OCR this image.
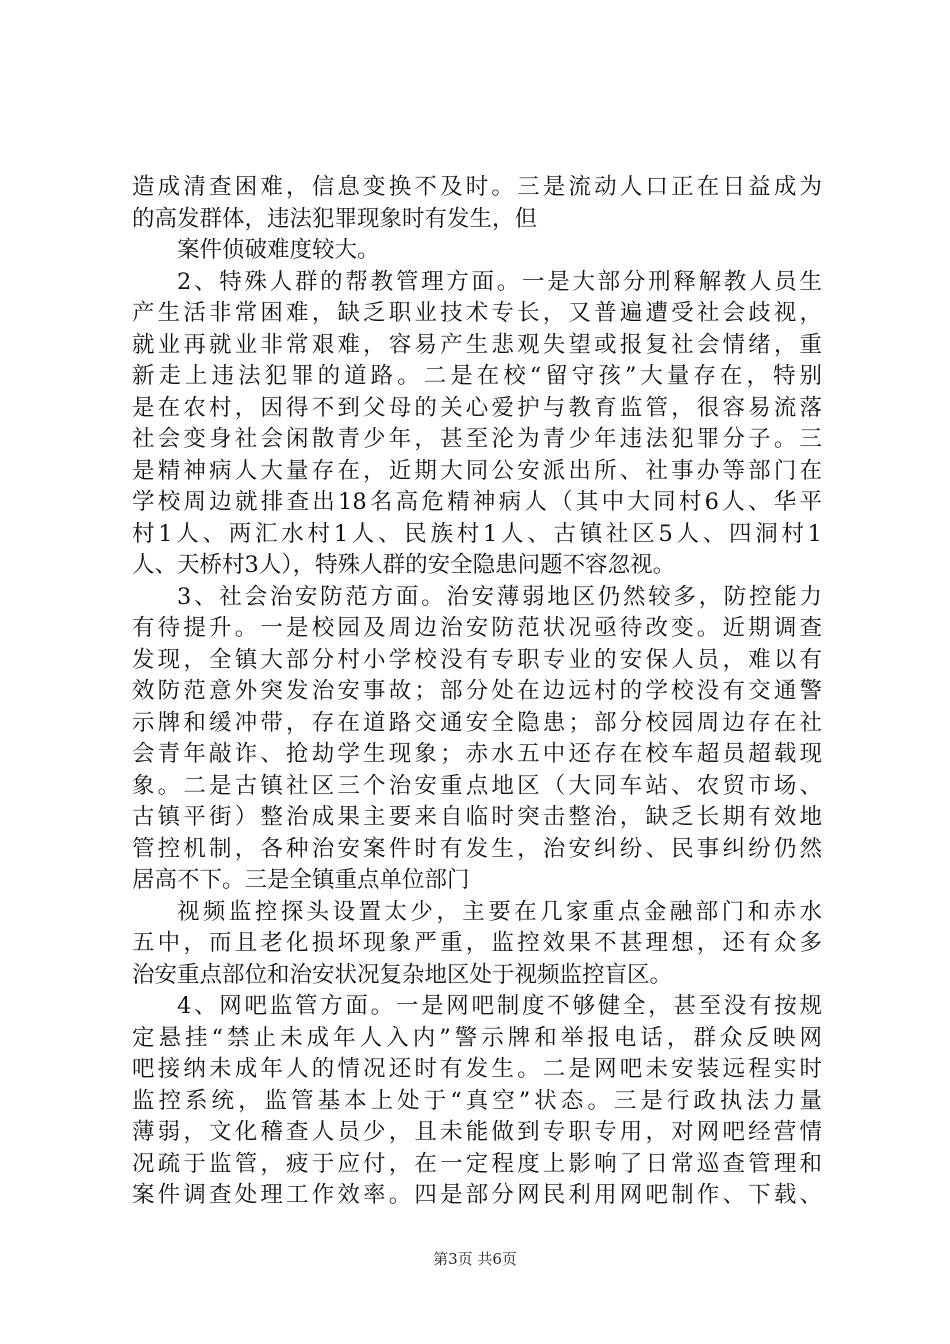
造成清查困难，信息变换不及时。三是流动人口正在日益成为
的高发群体，违法犯罪现象时有发生，但
案件侦破难度较大。
2、特殊人群的帮教管理方面。一是大部分刑释解教人员生
产生活非常困难，缺乏职业技术专长，又普遍遭受社会歧视，
就业再就业非常艰难，容易产生悲观失望或报复社会情绪，重
新走上违法犯罪的道路。二是在校“留守孩”大量存在，特别
是在农村，因得不到父母的关心爱护与教育监管，很容易流落
社会变身社会闲散青少年，甚至沦为青少年违法犯罪分子。三
是精神病人大量存在，近期大同公安派出所、社事办等部门在
学校周边就排查出18名高危精神病人（其中大同村6人、华平
村1人、两汇水村1人、民族村1人、古镇社区5人、四洞村1
人、天桥村3人），特殊人群的安全隐患问题不容忽视。
3、社会治安防范方面。治安薄弱地区仍然较多，防控能力
有待提升。一是校园及周边治安防范状况亟待改变。近期调查
发现，全镇大部分村小学校没有专职专业的安保人员，难以有
效防范意外突发治安事故；部分处在边远村的学校没有交通警
示牌和缓冲带，存在道路交通安全隐患；部分校园周边存在社
会青年敲诈、抢劫学生现象；赤水五中还存在校车超员超载现
象。二是古镇社区三个治安重点地区（大同车站、农贸市场、
古镇平街）整治成果主要来自临时突击整治，缺乏长期有效地
管控机制，各种治安案件时有发生，治安纠纷、民事纠纷仍然
居高不下。三是全镇重点单位部门
视频监控探头设置太少，主要在几家重点金融部门和赤水
五中，而且老化损坏现象严重，监控效果不甚理想，还有众多
治安重点部位和治安状况复杂地区处于视频监控盲区。
4、网吧监管方面。一是网吧制度不够健全，甚至没有按规
定悬挂“禁止未成年人入内”警示牌和举报电话，群众反映网
吧接纳未成年人的情况还时有发生。二是网吧未安装远程实时
监控系统，监管基本上处于“真空”状态。三是行政执法力量
薄弱，文化稽查人员少，且未能做到专职专用，对网吧经营情
况疏于监管，疲于应付，在一定程度上影响了日常巡查管理和
案件调查处理工作效率。四是部分网民利用网吧制作、下载、
第3页 共6页
